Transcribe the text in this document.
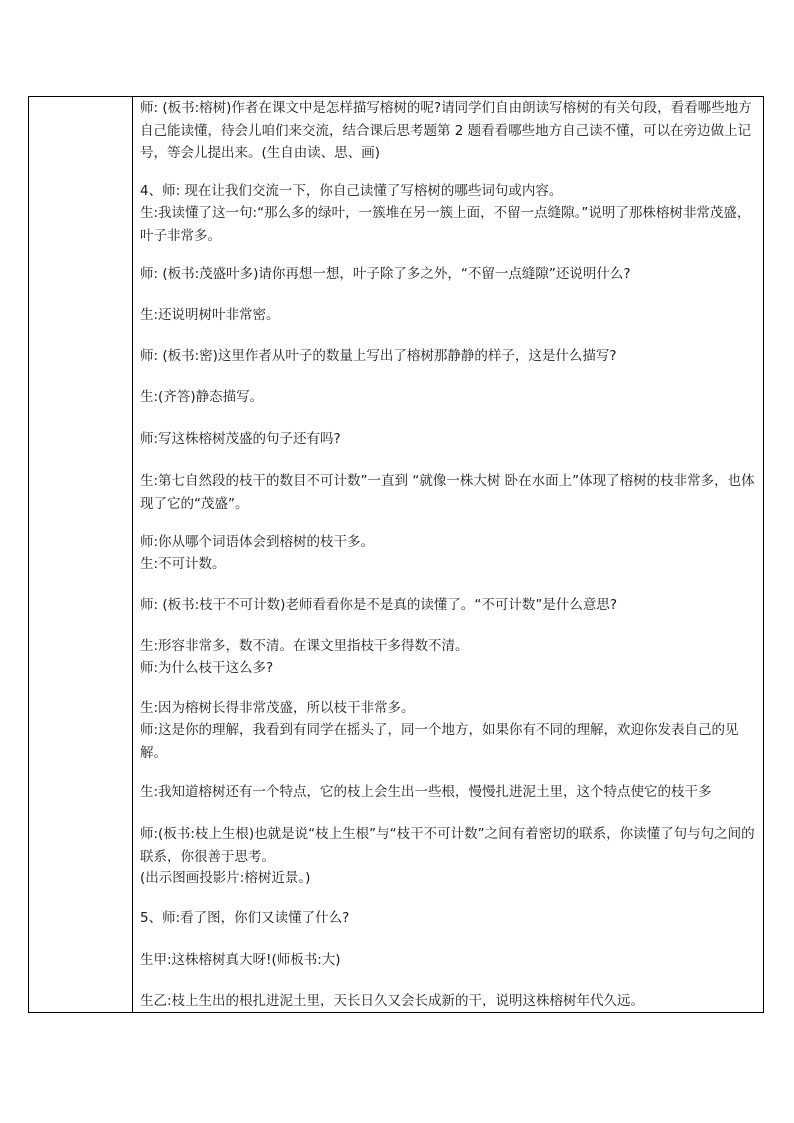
师: (板书:榕树)作者在课文中是怎样描写榕树的呢?请同学们自由朗读写榕树的有关句段，看看哪些地方自己能读懂，待会儿咱们来交流，结合课后思考题第 2 题看看哪些地方自己读不懂，可以在旁边做上记号，等会儿提出来。(生自由读、思、画)

4、师: 现在让我们交流一下，你自己读懂了写榕树的哪些词句或内容。

生:我读懂了这一句:“那么多的绿叶，一簇堆在另一簇上面，不留一点缝隙。”说明了那株榕树非常茂盛，叶子非常多。

师: (板书:茂盛叶多)请你再想一想，叶子除了多之外，“不留一点缝隙”还说明什么?

生:还说明树叶非常密。

师: (板书:密)这里作者从叶子的数量上写出了榕树那静静的样子，这是什么描写?

生:(齐答)静态描写。

师:写这株榕树茂盛的句子还有吗?

生:第七自然段的枝干的数目不可计数”一直到 “就像一株大树 卧在水面上”体现了榕树的枝非常多，也体现了它的“茂盛”。

师:你从哪个词语体会到榕树的枝干多。

生:不可计数。

师: (板书:枝干不可计数)老师看看你是不是真的读懂了。“不可计数”是什么意思?

生:形容非常多，数不清。在课文里指枝干多得数不清。

师:为什么枝干这么多?

生:因为榕树长得非常茂盛，所以枝干非常多。

师:这是你的理解，我看到有同学在摇头了，同一个地方，如果你有不同的理解，欢迎你发表自己的见解。

生:我知道榕树还有一个特点，它的枝上会生出一些根，慢慢扎进泥土里，这个特点使它的枝干多

师:(板书:枝上生根)也就是说“枝上生根”与“枝干不可计数”之间有着密切的联系，你读懂了句与句之间的联系，你很善于思考。

(出示图画投影片:榕树近景。)

5、师:看了图，你们又读懂了什么?

生甲:这株榕树真大呀!(师板书:大)

生乙:枝上生出的根扎进泥土里，天长日久又会长成新的干，说明这株榕树年代久远。
